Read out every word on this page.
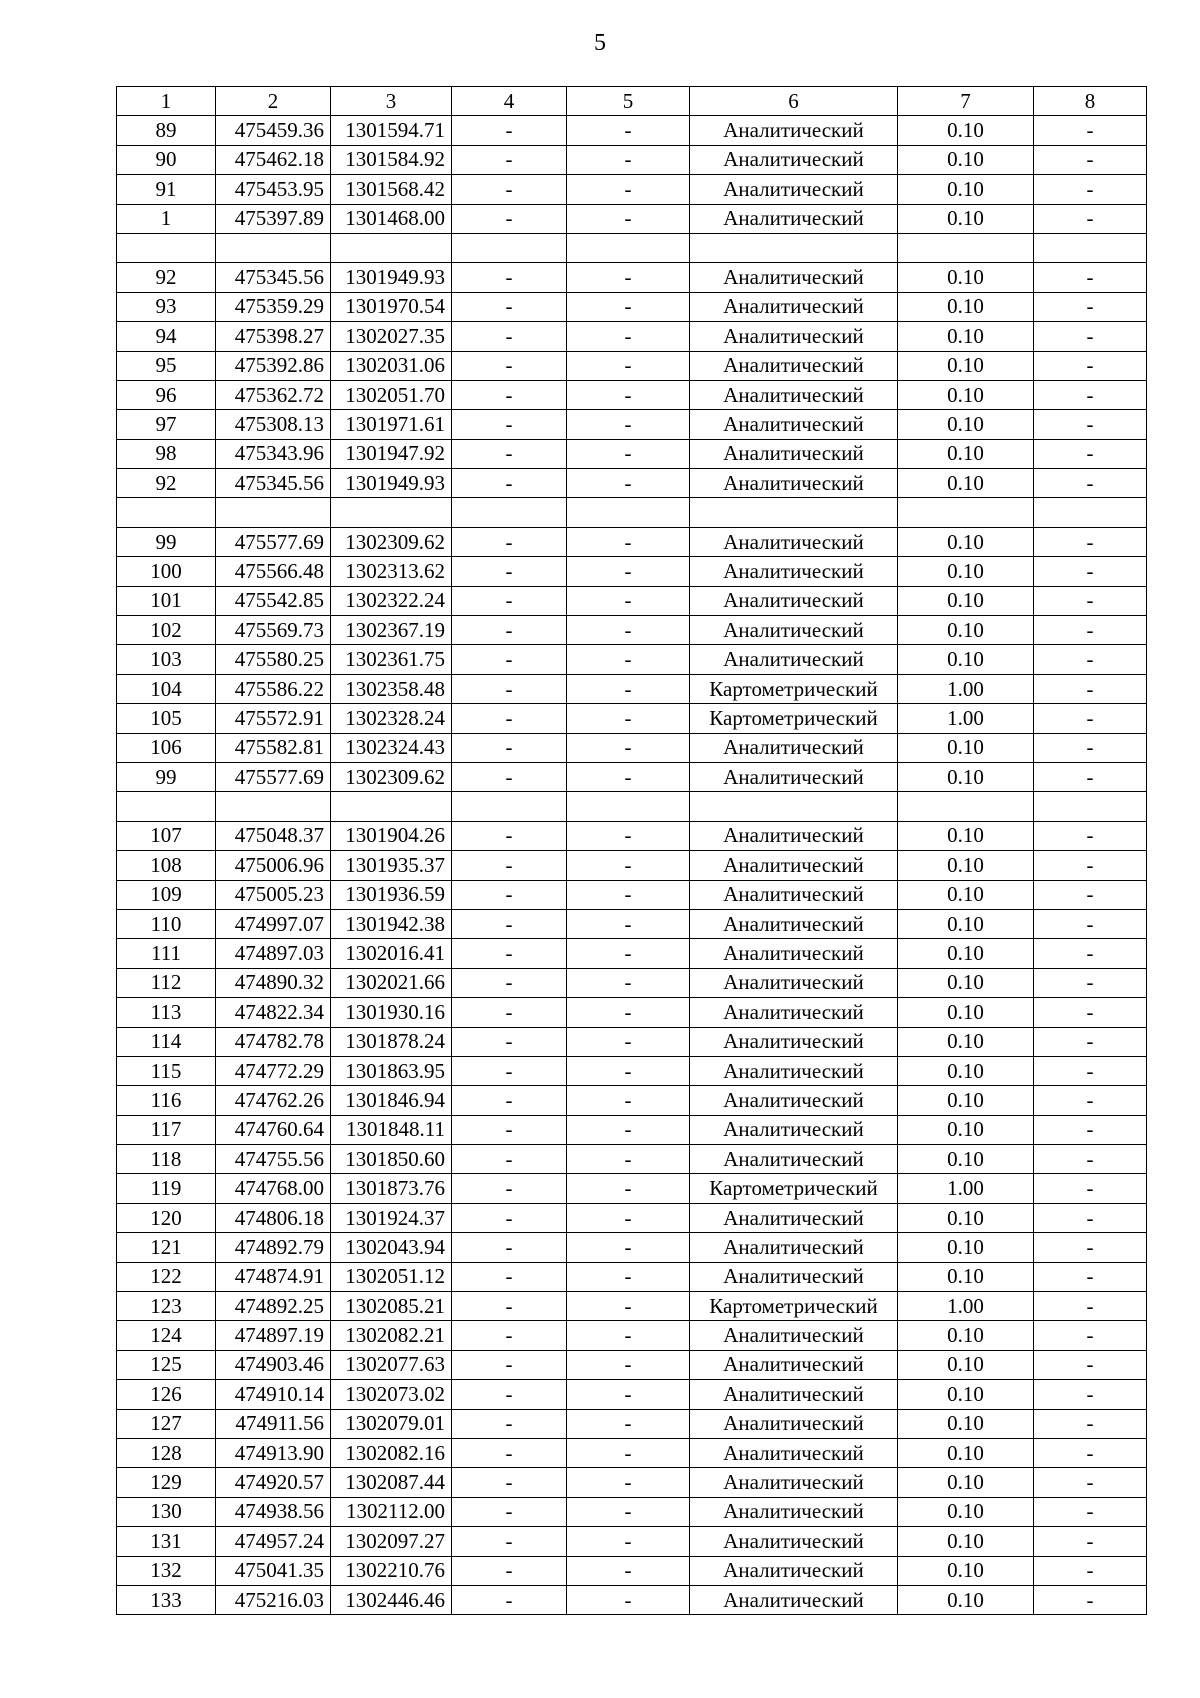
5
1	2	3	4	5	6	7	8
89	475459.36	1301594.71	-	-	Аналитический	0.10	-
90	475462.18	1301584.92	-	-	Аналитический	0.10	-
91	475453.95	1301568.42	-	-	Аналитический	0.10	-
1	475397.89	1301468.00	-	-	Аналитический	0.10	-

92	475345.56	1301949.93	-	-	Аналитический	0.10	-
93	475359.29	1301970.54	-	-	Аналитический	0.10	-
94	475398.27	1302027.35	-	-	Аналитический	0.10	-
95	475392.86	1302031.06	-	-	Аналитический	0.10	-
96	475362.72	1302051.70	-	-	Аналитический	0.10	-
97	475308.13	1301971.61	-	-	Аналитический	0.10	-
98	475343.96	1301947.92	-	-	Аналитический	0.10	-
92	475345.56	1301949.93	-	-	Аналитический	0.10	-

99	475577.69	1302309.62	-	-	Аналитический	0.10	-
100	475566.48	1302313.62	-	-	Аналитический	0.10	-
101	475542.85	1302322.24	-	-	Аналитический	0.10	-
102	475569.73	1302367.19	-	-	Аналитический	0.10	-
103	475580.25	1302361.75	-	-	Аналитический	0.10	-
104	475586.22	1302358.48	-	-	Картометрический	1.00	-
105	475572.91	1302328.24	-	-	Картометрический	1.00	-
106	475582.81	1302324.43	-	-	Аналитический	0.10	-
99	475577.69	1302309.62	-	-	Аналитический	0.10	-

107	475048.37	1301904.26	-	-	Аналитический	0.10	-
108	475006.96	1301935.37	-	-	Аналитический	0.10	-
109	475005.23	1301936.59	-	-	Аналитический	0.10	-
110	474997.07	1301942.38	-	-	Аналитический	0.10	-
111	474897.03	1302016.41	-	-	Аналитический	0.10	-
112	474890.32	1302021.66	-	-	Аналитический	0.10	-
113	474822.34	1301930.16	-	-	Аналитический	0.10	-
114	474782.78	1301878.24	-	-	Аналитический	0.10	-
115	474772.29	1301863.95	-	-	Аналитический	0.10	-
116	474762.26	1301846.94	-	-	Аналитический	0.10	-
117	474760.64	1301848.11	-	-	Аналитический	0.10	-
118	474755.56	1301850.60	-	-	Аналитический	0.10	-
119	474768.00	1301873.76	-	-	Картометрический	1.00	-
120	474806.18	1301924.37	-	-	Аналитический	0.10	-
121	474892.79	1302043.94	-	-	Аналитический	0.10	-
122	474874.91	1302051.12	-	-	Аналитический	0.10	-
123	474892.25	1302085.21	-	-	Картометрический	1.00	-
124	474897.19	1302082.21	-	-	Аналитический	0.10	-
125	474903.46	1302077.63	-	-	Аналитический	0.10	-
126	474910.14	1302073.02	-	-	Аналитический	0.10	-
127	474911.56	1302079.01	-	-	Аналитический	0.10	-
128	474913.90	1302082.16	-	-	Аналитический	0.10	-
129	474920.57	1302087.44	-	-	Аналитический	0.10	-
130	474938.56	1302112.00	-	-	Аналитический	0.10	-
131	474957.24	1302097.27	-	-	Аналитический	0.10	-
132	475041.35	1302210.76	-	-	Аналитический	0.10	-
133	475216.03	1302446.46	-	-	Аналитический	0.10	-
